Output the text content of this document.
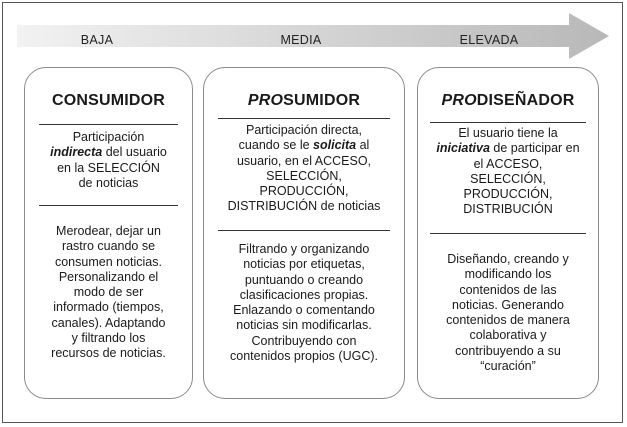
BAJA	MEDIA	ELEVADA
CONSUMIDOR
Participación
indirecta del usuario
en la SELECCIÓN
de noticias
Merodear, dejar un
rastro cuando se
consumen noticias.
Personalizando el
modo de ser
informado (tiempos,
canales). Adaptando
y filtrando los
recursos de noticias.
PROSUMIDOR
Participación directa,
cuando se le solicita al
usuario, en el ACCESO,
SELECCIÓN,
PRODUCCIÓN,
DISTRIBUCIÓN de noticias
Filtrando y organizando
noticias por etiquetas,
puntuando o creando
clasificaciones propias.
Enlazando o comentando
noticias sin modificarlas.
Contribuyendo con
contenidos propios (UGC).
PRODISEÑADOR
El usuario tiene la
iniciativa de participar en
el ACCESO,
SELECCIÓN,
PRODUCCIÓN,
DISTRIBUCIÓN
Diseñando, creando y
modificando los
contenidos de las
noticias. Generando
contenidos de manera
colaborativa y
contribuyendo a su
“curación”
